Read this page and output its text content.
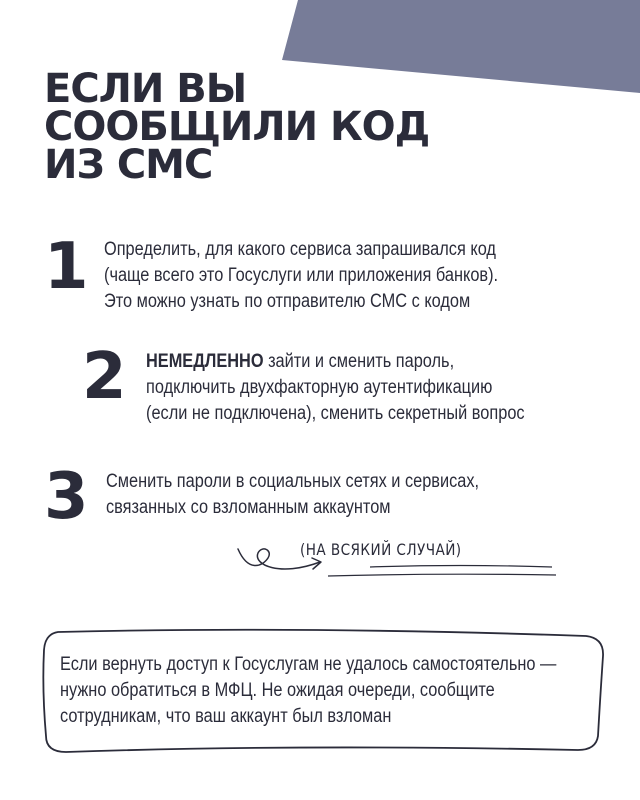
ЕСЛИ ВЫ
СООБЩИЛИ КОД
ИЗ СМС
1 Определить, для какого сервиса запрашивался код
(чаще всего это Госуслуги или приложения банков).
Это можно узнать по отправителю СМС с кодом
2 НЕМЕДЛЕННО зайти и сменить пароль,
подключить двухфакторную аутентификацию
(если не подключена), сменить секретный вопрос
3 Сменить пароли в социальных сетях и сервисах,
связанных со взломанным аккаунтом
(НА ВСЯКИЙ СЛУЧАЙ)
Если вернуть доступ к Госуслугам не удалось самостоятельно —
нужно обратиться в МФЦ. Не ожидая очереди, сообщите
сотрудникам, что ваш аккаунт был взломан
